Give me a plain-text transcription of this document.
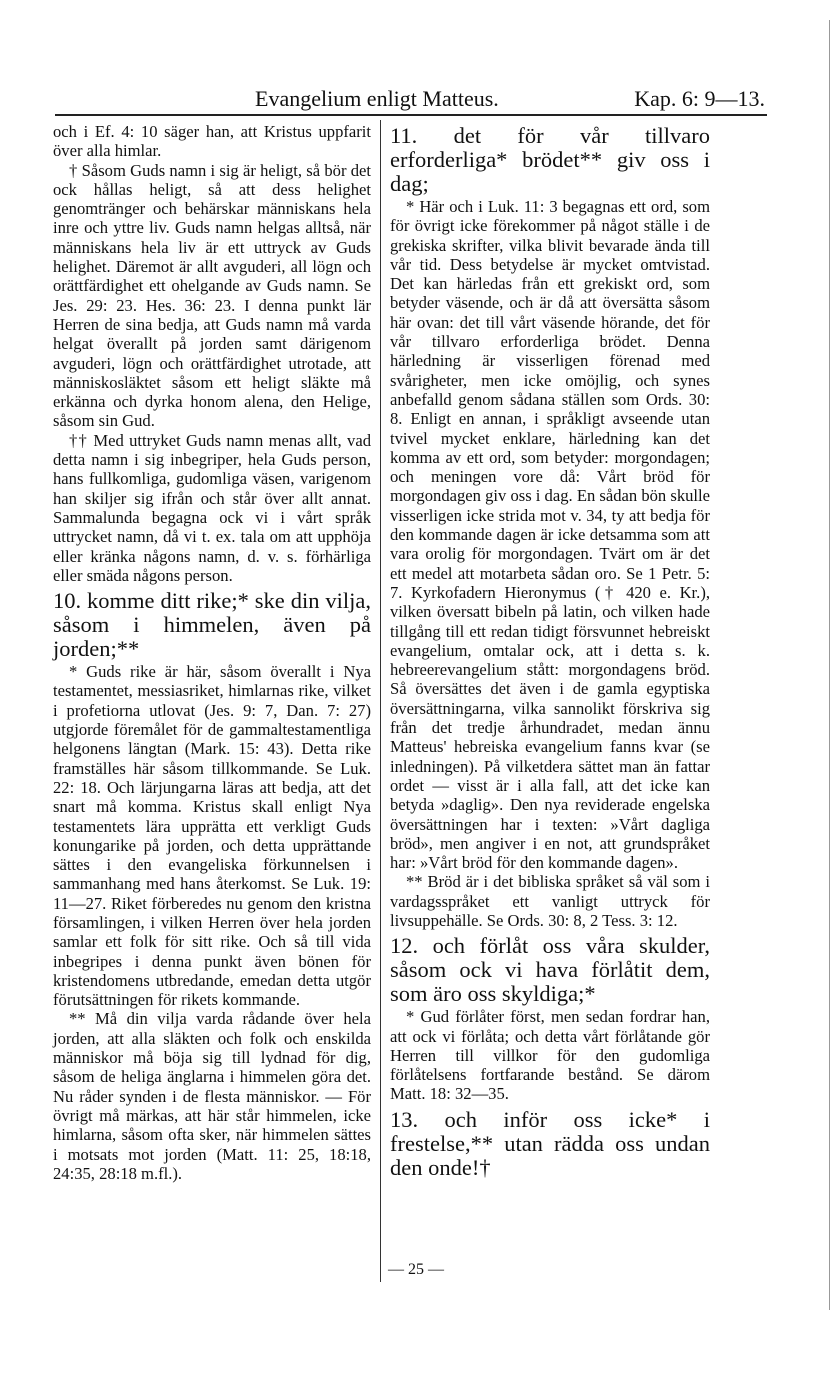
Evangelium enligt Matteus.	Kap. 6: 9—13.

och i Ef. 4: 10 säger han, att Kristus uppfarit över alla himlar.

† Såsom Guds namn i sig är heligt, så bör det ock hållas heligt, så att dess helighet genomtränger och behärskar människans hela inre och yttre liv. Guds namn helgas alltså, när människans hela liv är ett uttryck av Guds helighet. Däremot är allt avguderi, all lögn och orättfärdighet ett ohelgande av Guds namn. Se Jes. 29: 23. Hes. 36: 23. I denna punkt lär Herren de sina bedja, att Guds namn må varda helgat överallt på jorden samt därigenom avguderi, lögn och orättfärdighet utrotade, att människosläktet såsom ett heligt släkte må erkänna och dyrka honom alena, den Helige, såsom sin Gud.

†† Med uttryket Guds namn menas allt, vad detta namn i sig inbegriper, hela Guds person, hans fullkomliga, gudomliga väsen, varigenom han skiljer sig ifrån och står över allt annat. Sammalunda begagna ock vi i vårt språk uttrycket namn, då vi t. ex. tala om att upphöja eller kränka någons namn, d. v. s. förhärliga eller smäda någons person.

10. komme ditt rike;* ske din vilja, såsom i himmelen, även på jorden;**

* Guds rike är här, såsom överallt i Nya testamentet, messiasriket, himlarnas rike, vilket i profetiorna utlovat (Jes. 9: 7, Dan. 7: 27) utgjorde föremålet för de gammaltestamentliga helgonens längtan (Mark. 15: 43). Detta rike framställes här såsom tillkommande. Se Luk. 22: 18. Och lärjungarna läras att bedja, att det snart må komma. Kristus skall enligt Nya testamentets lära upprätta ett verkligt Guds konungarike på jorden, och detta upprättande sättes i den evangeliska förkunnelsen i sammanhang med hans återkomst. Se Luk. 19: 11—27. Riket förberedes nu genom den kristna församlingen, i vilken Herren över hela jorden samlar ett folk för sitt rike. Och så till vida inbegripes i denna punkt även bönen för kristendomens utbredande, emedan detta utgör förutsättningen för rikets kommande.

** Må din vilja varda rådande över hela jorden, att alla släkten och folk och enskilda människor må böja sig till lydnad för dig, såsom de heliga änglarna i himmelen göra det. Nu råder synden i de flesta människor. — För övrigt må märkas, att här står himmelen, icke himlarna, såsom ofta sker, när himmelen sättes i motsats mot jorden (Matt. 11: 25, 18:18, 24:35, 28:18 m.fl.).

11. det för vår tillvaro erforderliga* brödet** giv oss i dag;

* Här och i Luk. 11: 3 begagnas ett ord, som för övrigt icke förekommer på något ställe i de grekiska skrifter, vilka blivit bevarade ända till vår tid. Dess betydelse är mycket omtvistad. Det kan härledas från ett grekiskt ord, som betyder väsende, och är då att översätta såsom här ovan: det till vårt väsende hörande, det för vår tillvaro erforderliga brödet. Denna härledning är visserligen förenad med svårigheter, men icke omöjlig, och synes anbefalld genom sådana ställen som Ords. 30: 8. Enligt en annan, i språkligt avseende utan tvivel mycket enklare, härledning kan det komma av ett ord, som betyder: morgondagen; och meningen vore då: Vårt bröd för morgondagen giv oss i dag. En sådan bön skulle visserligen icke strida mot v. 34, ty att bedja för den kommande dagen är icke detsamma som att vara orolig för morgondagen. Tvärt om är det ett medel att motarbeta sådan oro. Se 1 Petr. 5: 7. Kyrkofadern Hieronymus († 420 e. Kr.), vilken översatt bibeln på latin, och vilken hade tillgång till ett redan tidigt försvunnet hebreiskt evangelium, omtalar ock, att i detta s. k. hebreerevangelium stått: morgondagens bröd. Så översättes det även i de gamla egyptiska översättningarna, vilka sannolikt förskriva sig från det tredje århundradet, medan ännu Matteus' hebreiska evangelium fanns kvar (se inledningen). På vilketdera sättet man än fattar ordet — visst är i alla fall, att det icke kan betyda »daglig». Den nya reviderade engelska översättningen har i texten: »Vårt dagliga bröd», men angiver i en not, att grundspråket har: »Vårt bröd för den kommande dagen».

** Bröd är i det bibliska språket så väl som i vardagsspråket ett vanligt uttryck för livsuppehälle. Se Ords. 30: 8, 2 Tess. 3: 12.

12. och förlåt oss våra skulder, såsom ock vi hava förlåtit dem, som äro oss skyldiga;*

* Gud förlåter först, men sedan fordrar han, att ock vi förlåta; och detta vårt förlåtande gör Herren till villkor för den gudomliga förlåtelsens fortfarande bestånd. Se därom Matt. 18: 32—35.

13. och inför oss icke* i frestelse,** utan rädda oss undan den onde!†
— 25 —
